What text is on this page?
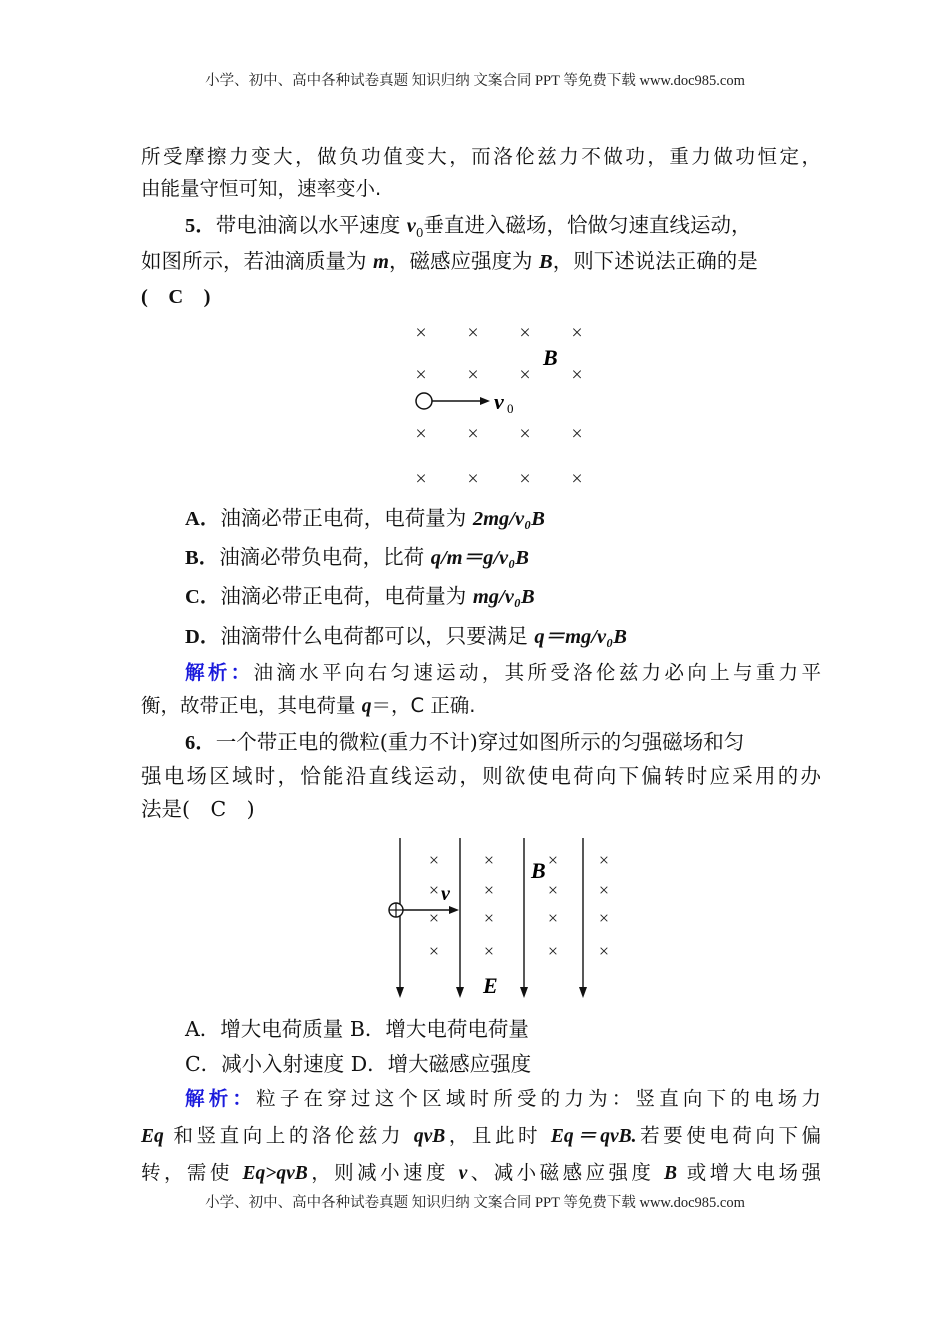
小学、初中、高中各种试卷真题 知识归纳 文案合同 PPT 等免费下载 www.doc985.com
所受摩擦力变大，做负功值变大，而洛伦兹力不做功，重力做功恒定，
由能量守恒可知，速率变小.
5．带电油滴以水平速度 $v_0$垂直进入磁场，恰做匀速直线运动，
如图所示，若油滴质量为 m，磁感应强度为 B，则下述说法正确的是
(　C　)
×
×
×
×
×
×
×
×
×
×
×
×
×
×
×
×
B
v 0
A．油滴必带正电荷，电荷量为 2mg/v₀B
B．油滴必带负电荷，比荷 q/m＝g/v₀B
C．油滴必带正电荷，电荷量为 mg/v₀B
D．油滴带什么电荷都可以，只要满足 q＝mg/v₀B
解析：油滴水平向右匀速运动，其所受洛伦兹力必向上与重力平
衡，故带正电，其电荷量 q＝，C 正确.
6．一个带正电的微粒(重力不计)穿过如图所示的匀强磁场和匀
强电场区域时，恰能沿直线运动，则欲使电荷向下偏转时应采用的办
法是(　C　)
×
×
×
×
×
×
×
×
×
×
×
×
×
×
×
×
B
v
E
A．增大电荷质量 B．增大电荷电荷量
C．减小入射速度 D．增大磁感应强度
解析：粒子在穿过这个区域时所受的力为：竖直向下的电场力
Eq 和竖直向上的洛伦兹力 qvB，且此时 Eq＝qvB.若要使电荷向下偏
转，需使 Eq>qvB，则减小速度 v、减小磁感应强度 B 或增大电场强
小学、初中、高中各种试卷真题 知识归纳 文案合同 PPT 等免费下载 www.doc985.com
